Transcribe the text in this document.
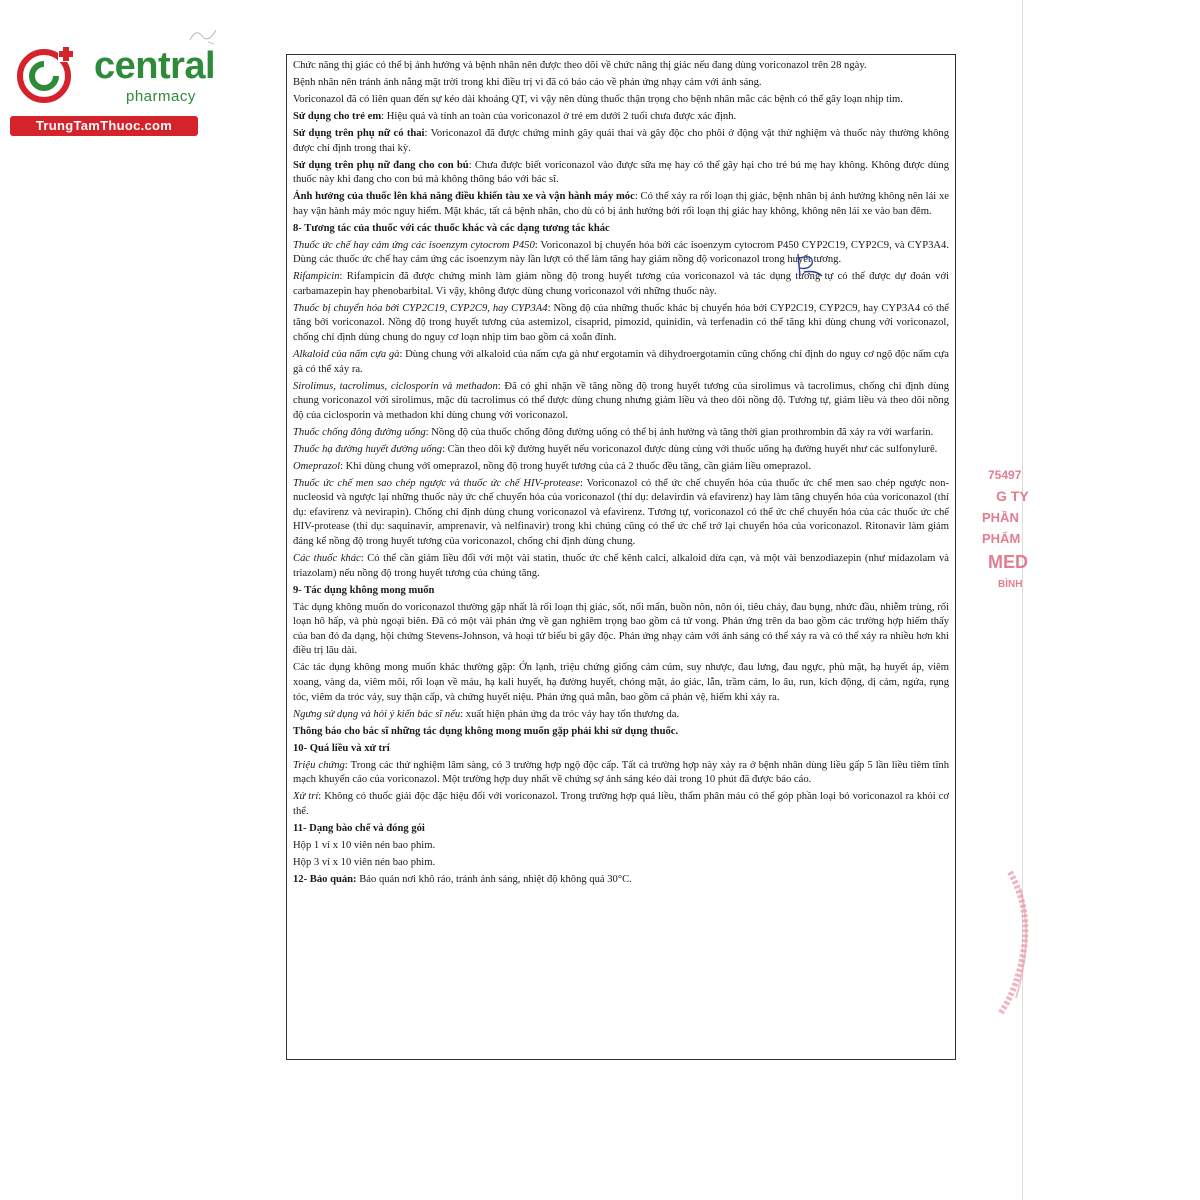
central
pharmacy
TrungTamThuoc.com

Chức năng thị giác có thể bị ảnh hưởng và bệnh nhân nên được theo dõi về chức năng thị giác nếu đang dùng voriconazol trên 28 ngày.

Bệnh nhân nên tránh ánh nắng mặt trời trong khi điều trị vì đã có báo cáo về phản ứng nhạy cảm với ánh sáng.

Voriconazol đã có liên quan đến sự kéo dài khoảng QT, vì vậy nên dùng thuốc thận trọng cho bệnh nhân mắc các bệnh có thể gây loạn nhịp tim.

Sử dụng cho trẻ em: Hiệu quả và tính an toàn của voriconazol ở trẻ em dưới 2 tuổi chưa được xác định.

Sử dụng trên phụ nữ có thai: Voriconazol đã được chứng minh gây quái thai và gây độc cho phôi ở động vật thử nghiệm và thuốc này thường không được chỉ định trong thai kỳ.

Sử dụng trên phụ nữ đang cho con bú: Chưa được biết voriconazol vào được sữa mẹ hay có thể gây hại cho trẻ bú mẹ hay không. Không được dùng thuốc này khi đang cho con bú mà không thông báo với bác sĩ.

Ảnh hưởng của thuốc lên khả năng điều khiển tàu xe và vận hành máy móc: Có thể xảy ra rối loạn thị giác, bệnh nhân bị ảnh hưởng không nên lái xe hay vận hành máy móc nguy hiểm. Mặt khác, tất cả bệnh nhân, cho dù có bị ảnh hưởng bởi rối loạn thị giác hay không, không nên lái xe vào ban đêm.

8- Tương tác của thuốc với các thuốc khác và các dạng tương tác khác

Thuốc ức chế hay cảm ứng các isoenzym cytocrom P450: Voriconazol bị chuyển hóa bởi các isoenzym cytocrom P450 CYP2C19, CYP2C9, và CYP3A4. Dùng các thuốc ức chế hay cảm ứng các isoenzym này lần lượt có thể làm tăng hay giảm nồng độ voriconazol trong huyết tương.

Rifampicin: Rifampicin đã được chứng minh làm giảm nồng độ trong huyết tương của voriconazol và tác dụng tương tự có thể được dự đoán với carbamazepin hay phenobarbital. Vì vậy, không được dùng chung voriconazol với những thuốc này.

Thuốc bị chuyển hóa bởi CYP2C19, CYP2C9, hay CYP3A4: Nồng độ của những thuốc khác bị chuyển hóa bởi CYP2C19, CYP2C9, hay CYP3A4 có thể tăng bởi voriconazol. Nồng độ trong huyết tương của astemizol, cisaprid, pimozid, quinidin, và terfenadin có thể tăng khi dùng chung với voriconazol, chống chỉ định dùng chung do nguy cơ loạn nhịp tim bao gồm cả xoắn đỉnh.

Alkaloid của nấm cựa gà: Dùng chung với alkaloid của nấm cựa gà như ergotamin và dihydroergotamin cũng chống chỉ định do nguy cơ ngộ độc nấm cựa gà có thể xảy ra.

Sirolimus, tacrolimus, ciclosporin và methadon: Đã có ghi nhận về tăng nồng độ trong huyết tương của sirolimus và tacrolimus, chống chỉ định dùng chung voriconazol với sirolimus, mặc dù tacrolimus có thể được dùng chung nhưng giảm liều và theo dõi nồng độ. Tương tự, giảm liều và theo dõi nồng độ của ciclosporin và methadon khi dùng chung với voriconazol.

Thuốc chống đông đường uống: Nồng độ của thuốc chống đông đường uống có thể bị ảnh hưởng và tăng thời gian prothrombin đã xảy ra với warfarin.

Thuốc hạ đường huyết đường uống: Cần theo dõi kỹ đường huyết nếu voriconazol được dùng cùng với thuốc uống hạ đường huyết như các sulfonylurê.

Omeprazol: Khi dùng chung với omeprazol, nồng độ trong huyết tương của cả 2 thuốc đều tăng, cần giảm liều omeprazol.

Thuốc ức chế men sao chép ngược và thuốc ức chế HIV-protease: Voriconazol có thể ức chế chuyển hóa của thuốc ức chế men sao chép ngược non-nucleosid và ngược lại những thuốc này ức chế chuyển hóa của voriconazol (thí dụ: delavirdin và efavirenz) hay làm tăng chuyển hóa của voriconazol (thí dụ: efavirenz và nevirapin). Chống chỉ định dùng chung voriconazol và efavirenz. Tương tự, voriconazol có thể ức chế chuyển hóa của các thuốc ức chế HIV-protease (thí dụ: saquinavir, amprenavir, và nelfinavir) trong khi chúng cũng có thể ức chế trở lại chuyển hóa của voriconazol. Ritonavir làm giảm đáng kể nồng độ trong huyết tương của voriconazol, chống chỉ định dùng chung.

Các thuốc khác: Có thể cần giảm liều đối với một vài statin, thuốc ức chế kênh calci, alkaloid dừa cạn, và một vài benzodiazepin (như midazolam và triazolam) nếu nồng độ trong huyết tương của chúng tăng.

9- Tác dụng không mong muốn

Tác dụng không muốn do voriconazol thường gặp nhất là rối loạn thị giác, sốt, nổi mẩn, buồn nôn, nôn ói, tiêu chảy, đau bụng, nhức đầu, nhiễm trùng, rối loạn hô hấp, và phù ngoại biên. Đã có một vài phản ứng về gan nghiêm trọng bao gồm cả tử vong. Phản ứng trên da bao gồm các trường hợp hiếm thấy của ban đỏ đa dạng, hội chứng Stevens-Johnson, và hoại tử biểu bì gây độc. Phản ứng nhạy cảm với ánh sáng có thể xảy ra và có thể xảy ra nhiều hơn khi điều trị lâu dài.

Các tác dụng không mong muốn khác thường gặp: Ớn lạnh, triệu chứng giống cảm cúm, suy nhược, đau lưng, đau ngực, phù mặt, hạ huyết áp, viêm xoang, vàng da, viêm môi, rối loạn về máu, hạ kali huyết, hạ đường huyết, chóng mặt, ảo giác, lẫn, trầm cảm, lo âu, run, kích động, dị cảm, ngứa, rụng tóc, viêm da tróc vảy, suy thận cấp, và chứng huyết niệu. Phản ứng quá mẫn, bao gồm cả phản vệ, hiếm khi xảy ra.

Ngưng sử dụng và hỏi ý kiến bác sĩ nếu: xuất hiện phản ứng da tróc vảy hay tổn thương da.

Thông báo cho bác sĩ những tác dụng không mong muốn gặp phải khi sử dụng thuốc.

10- Quá liều và xử trí

Triệu chứng: Trong các thử nghiệm lâm sàng, có 3 trường hợp ngộ độc cấp. Tất cả trường hợp này xảy ra ở bệnh nhân dùng liều gấp 5 lần liều tiêm tĩnh mạch khuyến cáo của voriconazol. Một trường hợp duy nhất về chứng sợ ánh sáng kéo dài trong 10 phút đã được báo cáo.

Xử trí: Không có thuốc giải độc đặc hiệu đối với voriconazol. Trong trường hợp quá liều, thẩm phân máu có thể góp phần loại bỏ voriconazol ra khỏi cơ thể.

11- Dạng bào chế và đóng gói

Hộp 1 vỉ x 10 viên nén bao phim.

Hộp 3 vỉ x 10 viên nén bao phim.

12- Bảo quản: Bảo quản nơi khô ráo, tránh ánh sáng, nhiệt độ không quá 30°C.

75497
G TY
PHẦN
PHẨM
MED
BÌNH
